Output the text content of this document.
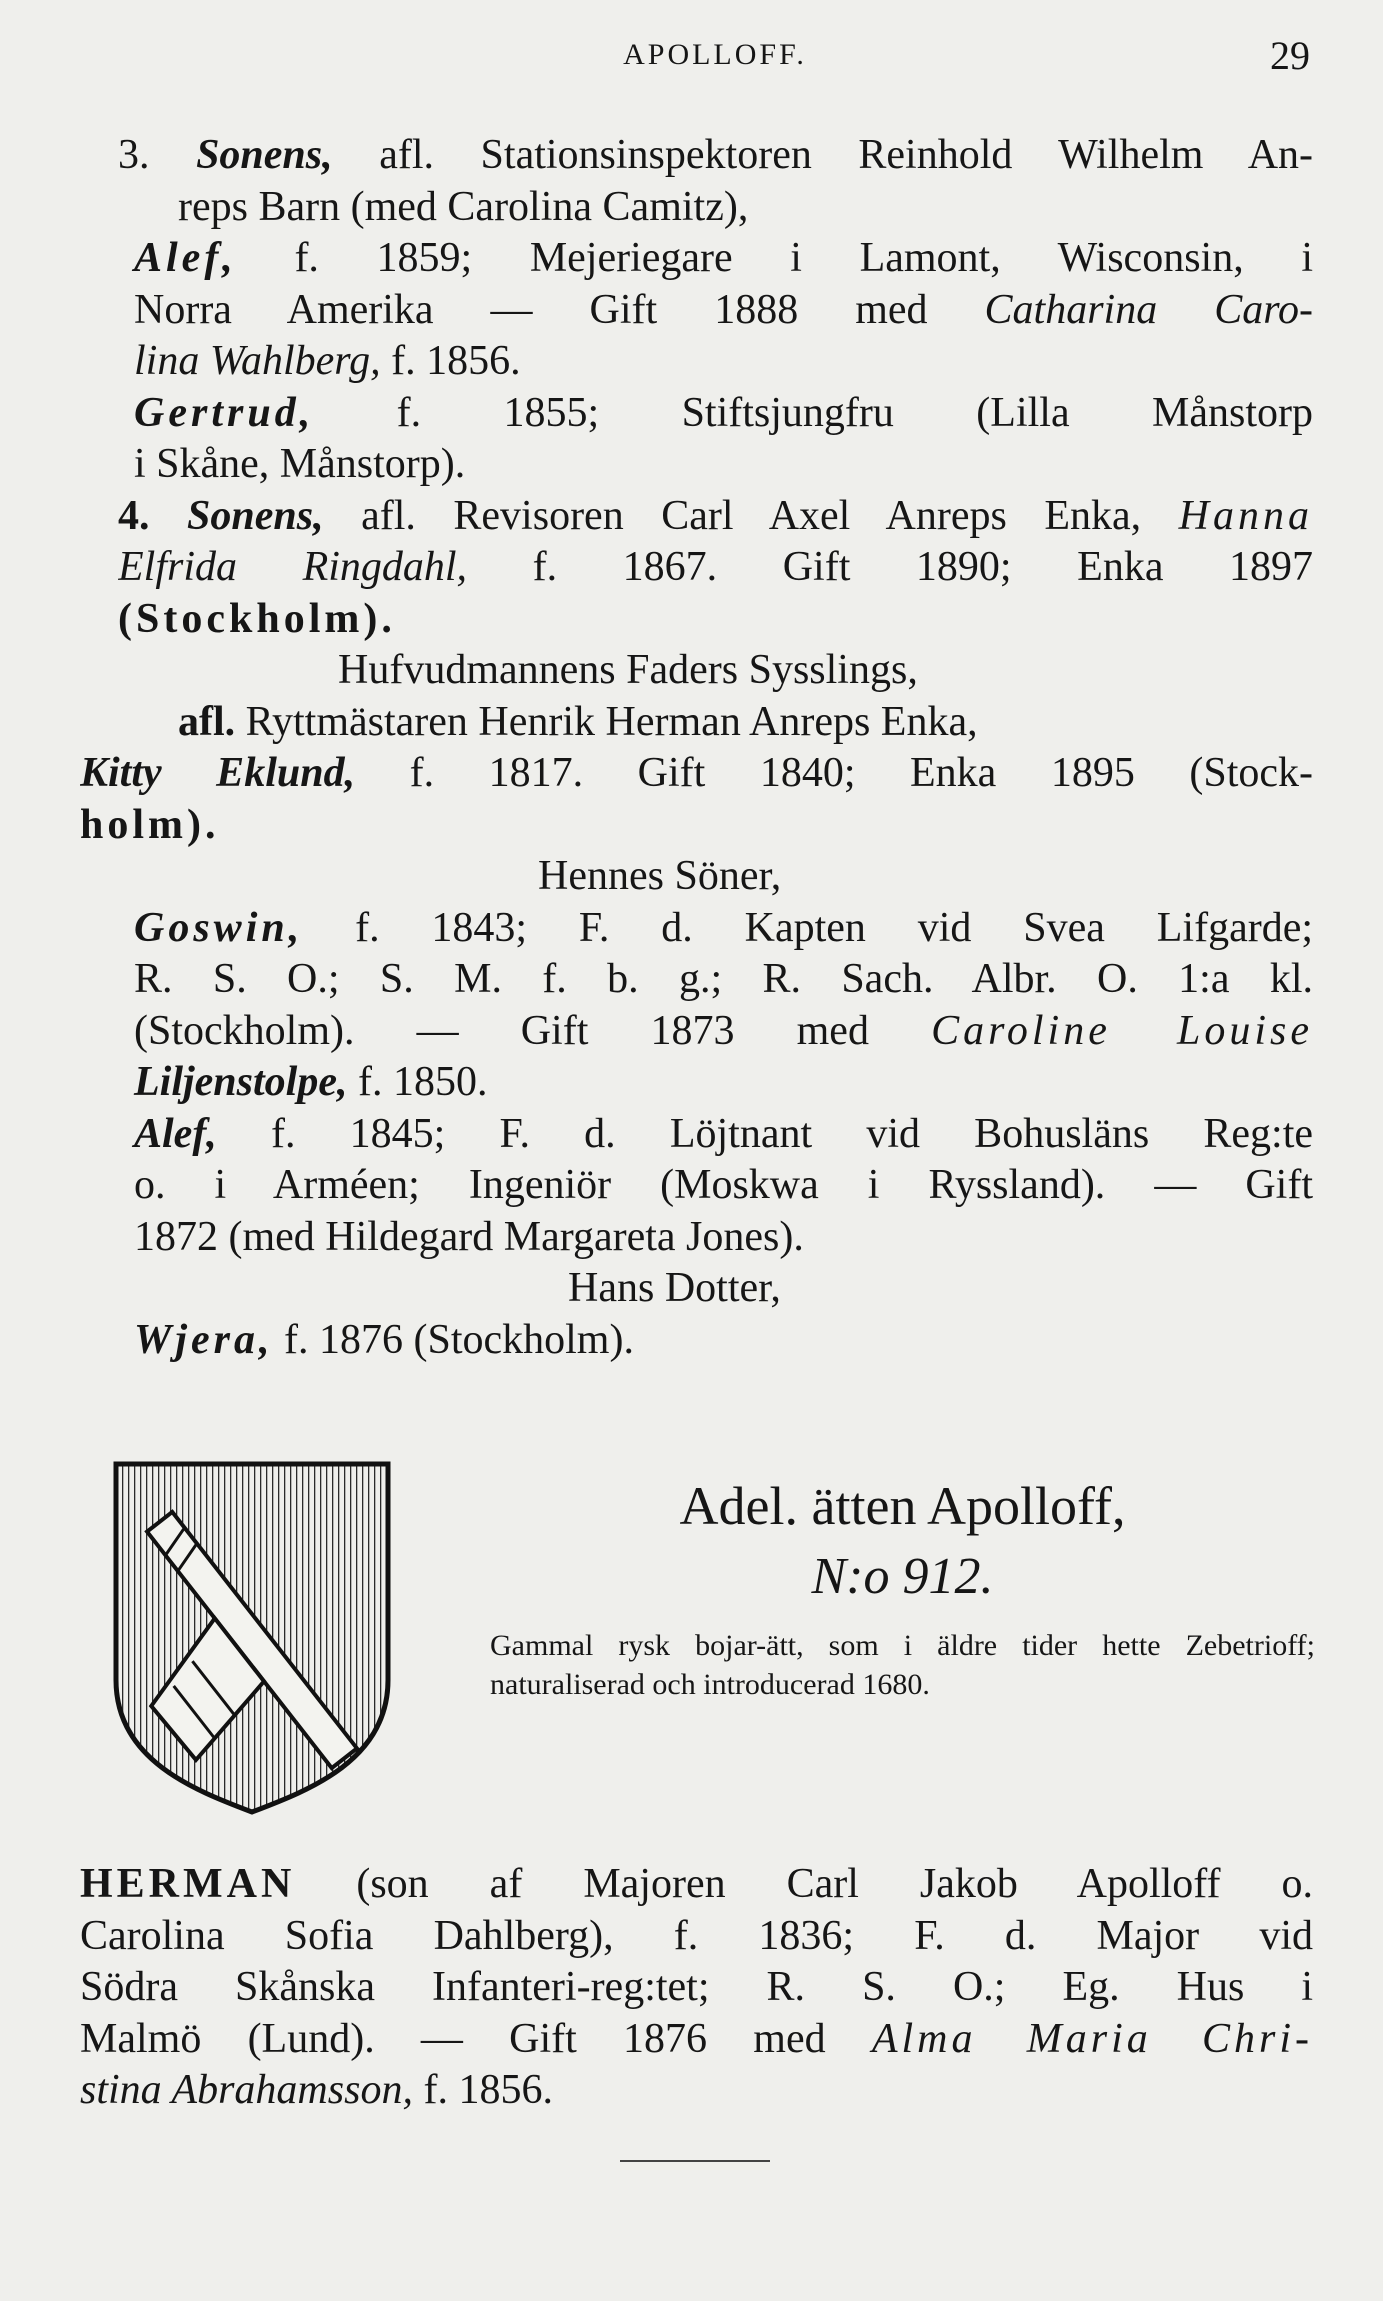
APOLLOFF.	29
3. Sonens, afl. Stationsinspektoren Reinhold Wilhelm An-
reps Barn (med Carolina Camitz),
Alef, f. 1859; Mejeriegare i Lamont, Wisconsin, i
Norra Amerika — Gift 1888 med Catharina Caro-
lina Wahlberg, f. 1856.
Gertrud, f. 1855; Stiftsjungfru (Lilla Månstorp
i Skåne, Månstorp).
4. Sonens, afl. Revisoren Carl Axel Anreps Enka, Hanna
Elfrida Ringdahl, f. 1867. Gift 1890; Enka 1897
(Stockholm).
Hufvudmannens Faders Sysslings,
afl. Ryttmästaren Henrik Herman Anreps Enka,
Kitty Eklund, f. 1817. Gift 1840; Enka 1895 (Stock-
holm).
Hennes Söner,
Goswin, f. 1843; F. d. Kapten vid Svea Lifgarde;
R. S. O.; S. M. f. b. g.; R. Sach. Albr. O. 1:a kl.
(Stockholm). — Gift 1873 med Caroline Louise
Liljenstolpe, f. 1850.
Alef, f. 1845; F. d. Löjtnant vid Bohusläns Reg:te
o. i Arméen; Ingeniör (Moskwa i Ryssland). — Gift
1872 (med Hildegard Margareta Jones).
Hans Dotter,
Wjera, f. 1876 (Stockholm).
Adel. ätten Apolloff,
N:o 912.
Gammal rysk bojar-ätt, som i äldre tider hette Zebetrioff; naturaliserad och introducerad 1680.
HERMAN (son af Majoren Carl Jakob Apolloff o.
Carolina Sofia Dahlberg), f. 1836; F. d. Major vid
Södra Skånska Infanteri-reg:tet; R. S. O.; Eg. Hus i
Malmö (Lund). — Gift 1876 med Alma Maria Chri-
stina Abrahamsson, f. 1856.
